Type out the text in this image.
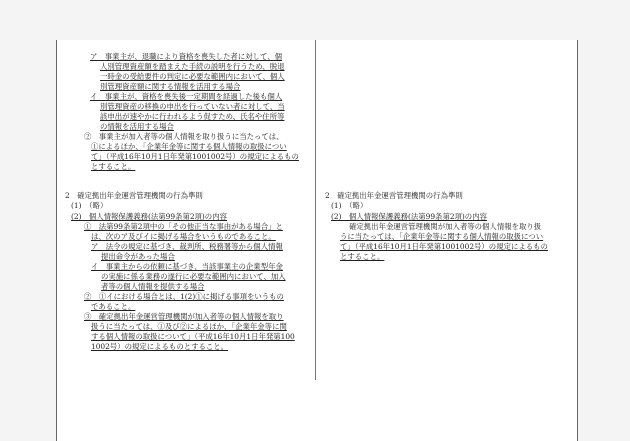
ア　事業主が、退職により資格を喪失した者に対して、個
人別管理資産額を踏まえた手続の説明を行うため、脱退
一時金の受給要件の判定に必要な範囲内において、個人
別管理資産額に関する情報を活用する場合
イ　事業主が、資格を喪失後一定期間を経過した後も個人
別管理資産の移換の申出を行っていない者に対して、当
該申出が速やかに行われるよう促すため、氏名や住所等
の情報を活用する場合
②　事業主が加入者等の個人情報を取り扱うに当たっては、
①によるほか、「企業年金等に関する個人情報の取扱につい
て」（平成16年10月1日年発第1001002号）の規定によるもの
とすること。
2　確定拠出年金運営管理機関の行為準則
(1)　（略）
(2)　個人情報保護義務(法第99条第2項)の内容
①　法第99条第2項中の「その他正当な事由がある場合」と
は、次のア及びイに掲げる場合をいうものであること。
ア　法令の規定に基づき、裁判所、税務署等から個人情報
提出命令があった場合
イ　事業主からの依頼に基づき、当該事業主の企業型年金
の実施に係る業務の遂行に必要な範囲内において、加入
者等の個人情報を提供する場合
②　①イにおける場合とは、1(2)①に掲げる事項をいうもの
であること。
③　確定拠出年金運営管理機関が加入者等の個人情報を取り
扱うに当たっては、①及び②によるほか、「企業年金等に関
する個人情報の取扱について」（平成16年10月1日年発第100
1002号）の規定によるものとすること。
2　確定拠出年金運営管理機関の行為準則
(1)　（略）
(2)　個人情報保護義務(法第99条第2項)の内容
確定拠出年金運営管理機関が加入者等の個人情報を取り扱
うに当たっては、「企業年金等に関する個人情報の取扱につい
て」（平成16年10月1日年発第1001002号）の規定によるもの
とすること。
